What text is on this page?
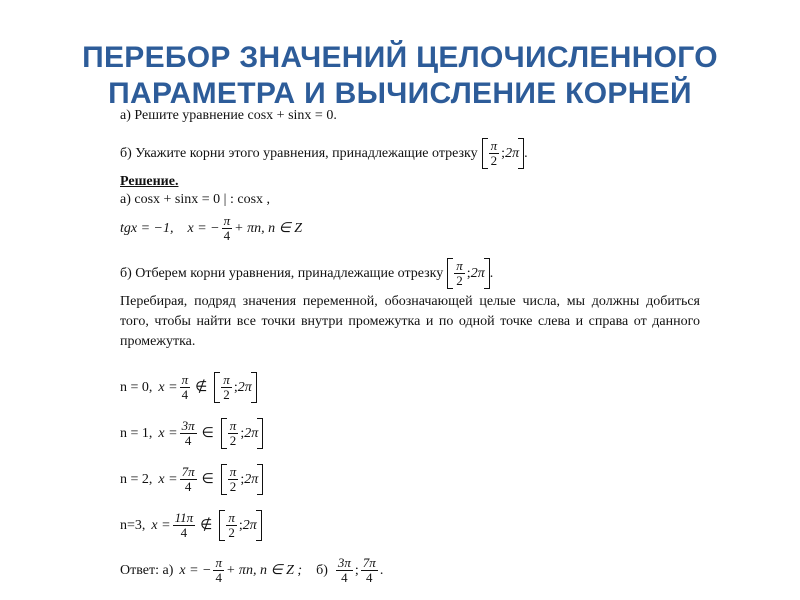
ПЕРЕБОР ЗНАЧЕНИЙ ЦЕЛОЧИСЛЕННОГО
ПАРАМЕТРА И ВЫЧИСЛЕНИЕ КОРНЕЙ
а) Решите уравнение cosx + sinx = 0.
б) Укажите корни этого уравнения, принадлежащие отрезку $\frac{\pi}{2}$ ; 2π .
Решение.
а) cosx + sinx = 0 | : cosx ,
tgx = −1, x = − $\frac{\pi}{4} + \pi n$, n ∈ Z
б) Отберем корни уравнения, принадлежащие отрезку $\frac{\pi}{2}$ ; 2π .
Перебирая, подряд значения переменной, обозначающей целые числа, мы должны добиться того, чтобы найти все точки внутри промежутка и по одной точке слева и справа от данного промежутка.
n = 0, $x = \frac{\pi}{4}$ ∉ $\frac{\pi}{2}$ ; 2π
n = 1, $x = \frac{3\pi}{4}$ ∈ $\frac{\pi}{2}$ ; 2π
n = 2, $x = \frac{7\pi}{4}$ ∈ $\frac{\pi}{2}$ ; 2π
n=3, $x = \frac{11\pi}{4}$ ∉ $\frac{\pi}{2}$ ; 2π
Ответ: а) x = − $\frac{\pi}{4} + \pi n$, n ∈ Z ; $б) \frac{3\pi}{4}$ ; $\frac{7\pi}{4}$ .
